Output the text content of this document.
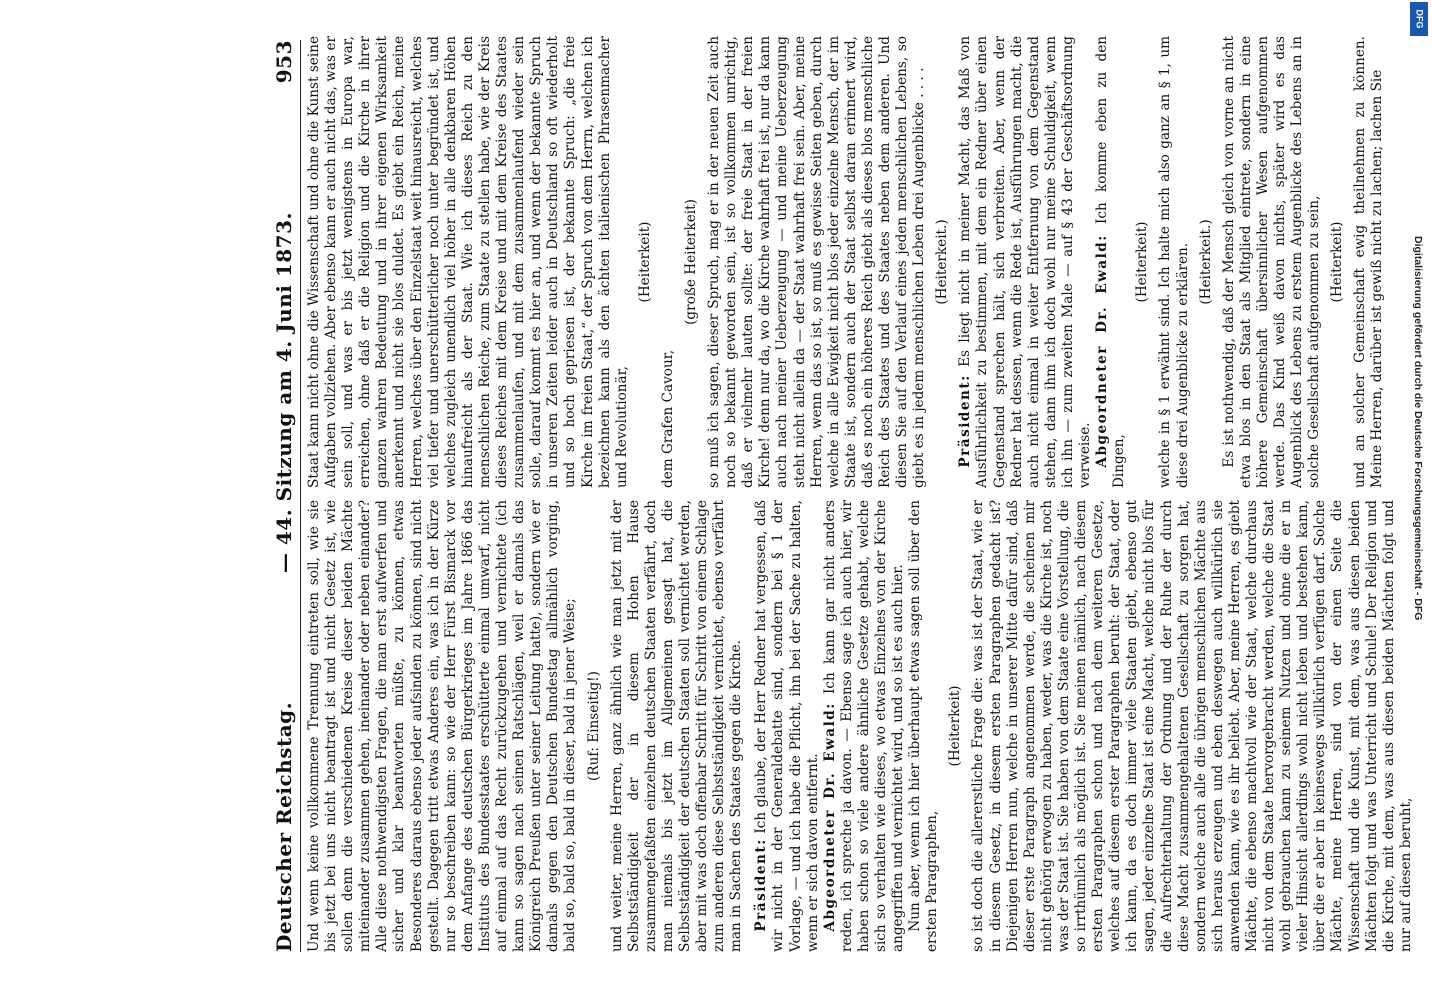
Deutscher Reichstag.
— 44. Sitzung am 4. Juni 1873.
953

Und wenn keine vollkommene Trennung eintreten soll, wie sie bis jetzt bei uns nicht beantragt ist und nicht Gesetz ist, wie sollen denn die verschiedenen Kreise dieser beiden Mächte miteinander zusammen gehen, ineinander oder neben einander? Alle diese nothwendigsten Fragen, die man erst aufwerfen und sicher und klar beantworten müßte, zu können, etwas Besonderes daraus ebenso jeder aufsinden zu können, sind nicht gestellt. Dagegen tritt etwas Anderes ein, was ich in der Kürze nur so beschreiben kann: so wie der Herr Fürst Bismarck vor dem Anfange des deutschen Bürgerkrieges im Jahre 1866 das Instituts des Bundesstaates erschütterte einmal umwarf, nicht auf einmal auf das Recht zurückzugehen und vernichtete (ich kann so sagen nach seinen Ratschlägen, weil er damals das Königreich Preußen unter seiner Leitung hatte), sondern wie er damals gegen den Deutschen Bundestag allmählich vorging, bald so, bald so, bald in dieser, bald in jener Weise; (Ruf: Einseitig!) und weiter, meine Herren, ganz ähnlich wie man jetzt mit der Selbstständigkeit der in diesem Hohen Hause zusammengefaßten einzelnen deutschen Staaten verfährt, doch man niemals bis jetzt im Allgemeinen gesagt hat, die Selbstständigkeit der deutschen Staaten soll vernichtet werden, aber mit was doch offenbar Schritt für Schritt von einem Schlage zum anderen diese Selbstständigkeit vernichtet, ebenso verfährt man in Sachen des Staates gegen die Kirche. Präsident: Ich glaube, der Herr Redner hat vergessen, daß wir nicht in der Generaldebatte sind, sondern bei § 1 der Vorlage, — und ich habe die Pflicht, ihn bei der Sache zu halten, wenn er sich davon entfernt. Abgeordneter Dr. Ewald: Ich kann gar nicht anders reden, ich spreche ja davon. — Ebenso sage ich auch hier, wir haben schon so viele andere ähnliche Gesetze gehabt, welche sich so verhalten wie dieses, wo etwas Einzelnes von der Kirche angegriffen und vernichtet wird, und so ist es auch hier. Nun aber, wenn ich hier überhaupt etwas sagen soll über den ersten Paragraphen,

(Heiterkeit) so ist doch die allererstliche Frage die: was ist der Staat, wie er in diesem Gesetz, in diesem ersten Paragraphen gedacht ist? Diejenigen Herren nun, welche in unserer Mitte dafür sind, daß dieser erste Paragraph angenommen werde, die scheinen mir nicht gehörig erwogen zu haben, weder, was die Kirche ist, noch was der Staat ist. Sie haben von dem Staate eine Vorstellung, die so irrthümlich als möglich ist. Sie meinen nämlich, nach diesem ersten Paragraphen schon und nach dem weiteren Gesetze, welches auf diesem erster Paragraphen beruht: der Staat, oder ich kann, da es doch immer viele Staaten giebt, ebenso gut sagen, jeder einzelne Staat ist eine Macht, welche nicht blos für die Aufrechterhaltung der Ordnung und der Ruhe der durch diese Macht zusammengehaltenen Gesellschaft zu sorgen hat, sondern welche auch alle die übrigen menschlichen Mächte aus sich heraus erzeugen und eben deswegen auch willkürlich sie anwenden kann, wie es ihr beliebt. Aber, meine Herren, es giebt Mächte, die ebenso machtvoll wie der Staat, welche durchaus nicht von dem Staate hervorgebracht werden, welche die Staat wohl gebrauchen kann zu seinem Nutzen und ohne die er in vieler Hinsicht allerdings wohl nicht leben und bestehen kann, über die er aber in keineswegs willkürlich verfügen darf. Solche Mächte, meine Herren, sind von der einen Seite die Wissenschaft und die Kunst, mit dem, was aus diesen beiden Mächten folgt und was Unterricht und Schule! Der Religion und die Kirche, mit dem, was aus diesen beiden Mächten folgt und nur auf diesen beruht,

Staat kann nicht ohne die Wissenschaft und ohne die Kunst seine Aufgaben vollziehen. Aber ebenso kann er auch nicht das, was er sein soll, und was er bis jetzt wenigstens in Europa war, erreichen, ohne daß er die Religion und die Kirche in ihrer ganzen wahren Bedeutung und in ihrer eigenen Wirksamkeit anerkennt und nicht sie blos duldet. Es giebt ein Reich, meine Herren, welches über den Einzelstaat weit hinausreicht, welches viel tiefer und unerschütterlicher noch unter begründet ist, und welches zugleich unendlich viel höher in alle denkbaren Höhen hinaufreicht als der Staat. Wie ich dieses Reich zu den menschlichen Reiche, zum Staate zu stellen habe, wie der Kreis dieses Reiches mit dem Kreise und mit dem Kreise des Staates zusammenlaufen, und mit dem zusammenlaufend wieder sein solle, darauf kommt es hier an, und wenn der bekannte Spruch in unseren Zeiten leider auch in Deutschland so oft wiederholt und so hoch gepriesen ist, der bekannte Spruch: „die freie Kirche im freien Staat,“ der Spruch von dem Herrn, welchen ich bezeichnen kann als den ächten italienischen Phrasenmacher und Revolutionär,

(Heiterkeit)

dem Grafen Cavour,

(große Heiterkeit) so muß ich sagen, dieser Spruch, mag er in der neuen Zeit auch noch so bekannt geworden sein, ist so vollkommen unrichtig, daß er vielmehr lauten sollte: der freie Staat in der freien Kirche! denn nur da, wo die Kirche wahrhaft frei ist, nur da kann auch nach meiner Ueberzeugung — und meine Ueberzeugung steht nicht allein da — der Staat wahrhaft frei sein. Aber, meine Herren, wenn das so ist, so muß es gewisse Seiten geben, durch welche in alle Ewigkeit nicht blos jeder einzelne Mensch, der im Staate ist, sondern auch der Staat selbst daran erinnert wird, daß es noch ein höheres Reich giebt als dieses blos menschliche Reich des Staates und des Staates neben dem anderen. Und diesen Sie auf den Verlauf eines jeden menschlichen Lebens, so giebt es in jedem menschlichen Leben drei Augenblicke . . . . (Heiterkeit.)

Präsident: Es liegt nicht in meiner Macht, das Maß von Ausführlichkeit zu bestimmen, mit dem ein Redner über einen Gegenstand sprechen hält, sich verbreiten. Aber, wenn der Redner hat dessen, wenn die Rede ist, Ausführungen macht, die auch nicht einmal in weiter Entfernung von dem Gegenstand stehen, dann ihm ich doch wohl nur meine Schuldigkeit, wenn ich ihn — zum zweiten Male — auf § 43 der Geschäftsordnung verweise. Abgeordneter Dr. Ewald: Ich komme eben zu den Dingen,

(Heiterkeit) welche in § 1 erwähnt sind. Ich halte mich also ganz an § 1, um diese drei Augenblicke zu erklären. (Heiterkeit.) Es ist nothwendig, daß der Mensch gleich von vorne an nicht etwa blos in den Staat als Mitglied eintrete, sondern in eine höhere Gemeinschaft übersinnlicher Wesen aufgenommen werde. Das Kind weiß davon nichts, später wird es das Augenblick des Lebens zu erstem Augenblicke des Lebens an in solche Gesellschaft aufgenommen zu sein, (Heiterkeit) und an solcher Gemeinschaft ewig theilnehmen zu können. Meine Herren, darüber ist gewiß nicht zu lachen; lachen Sie

DFG
Digitalisierung gefördert durch die Deutsche Forschungsgemeinschaft - DFG
